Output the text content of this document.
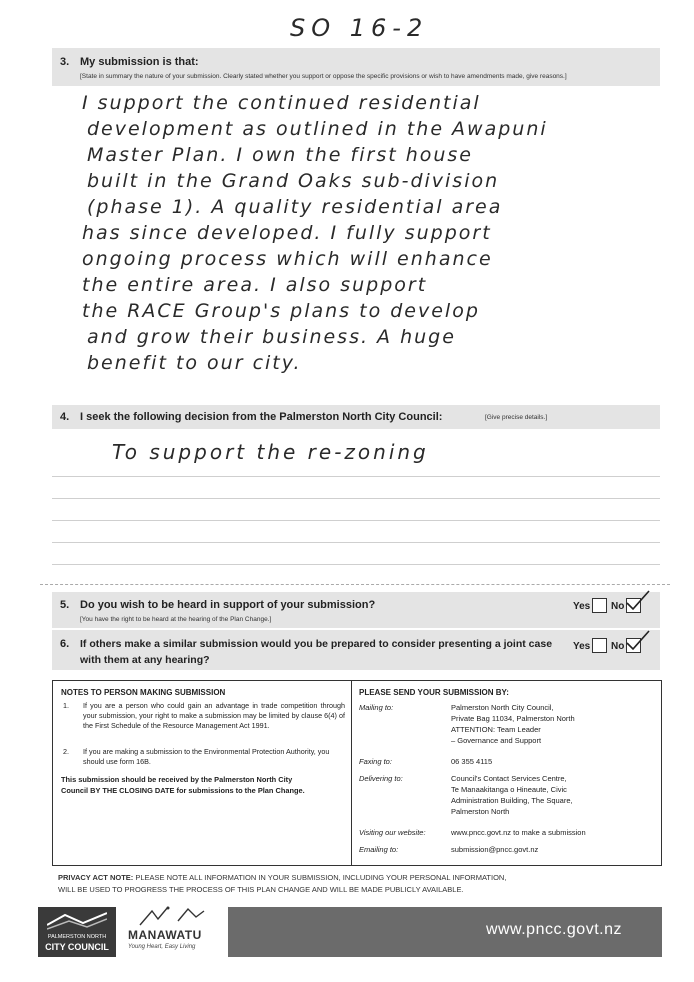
SO 16-2
3. My submission is that:
[State in summary the nature of your submission. Clearly stated whether you support or oppose the specific provisions or wish to have amendments made, give reasons.]
I support the continued residential
development as outlined in the Awapuni
Master Plan. I own the first house
built in the Grand Oaks sub-division
(phase 1). A quality residential area
has since developed. I fully support
ongoing process which will enhance
the entire area. I also support
the RACE Group's plans to develop
and grow their business. A huge
benefit to our city.
4. I seek the following decision from the Palmerston North City Council:	[Give precise details.]
To support the re-zoning
5. Do you wish to be heard in support of your submission?
[You have the right to be heard at the hearing of the Plan Change.]
Yes No
6. If others make a similar submission would you be prepared to consider presenting a joint case
with them at any hearing?
Yes No
NOTES TO PERSON MAKING SUBMISSION
1. If you are a person who could gain an advantage in trade competition through your submission, your right to make a submission may be limited by clause 6(4) of the First Schedule of the Resource Management Act 1991.
2. If you are making a submission to the Environmental Protection Authority, you should use form 16B.
This submission should be received by the Palmerston North City
Council BY THE CLOSING DATE for submissions to the Plan Change.
PLEASE SEND YOUR SUBMISSION BY:
Mailing to:	Palmerston North City Council,
Private Bag 11034, Palmerston North
ATTENTION: Team Leader
– Governance and Support
Faxing to:	06 355 4115
Delivering to:	Council's Contact Services Centre,
Te Manaakitanga o Hineaute, Civic
Administration Building, The Square,
Palmerston North
Visiting our website:	www.pncc.govt.nz to make a submission
Emailing to:	submission@pncc.govt.nz
PRIVACY ACT NOTE: PLEASE NOTE ALL INFORMATION IN YOUR SUBMISSION, INCLUDING YOUR PERSONAL INFORMATION,
WILL BE USED TO PROGRESS THE PROCESS OF THIS PLAN CHANGE AND WILL BE MADE PUBLICLY AVAILABLE.
PALMERSTON NORTH
CITY COUNCIL
MANAWATU
Young Heart, Easy Living
www.pncc.govt.nz
